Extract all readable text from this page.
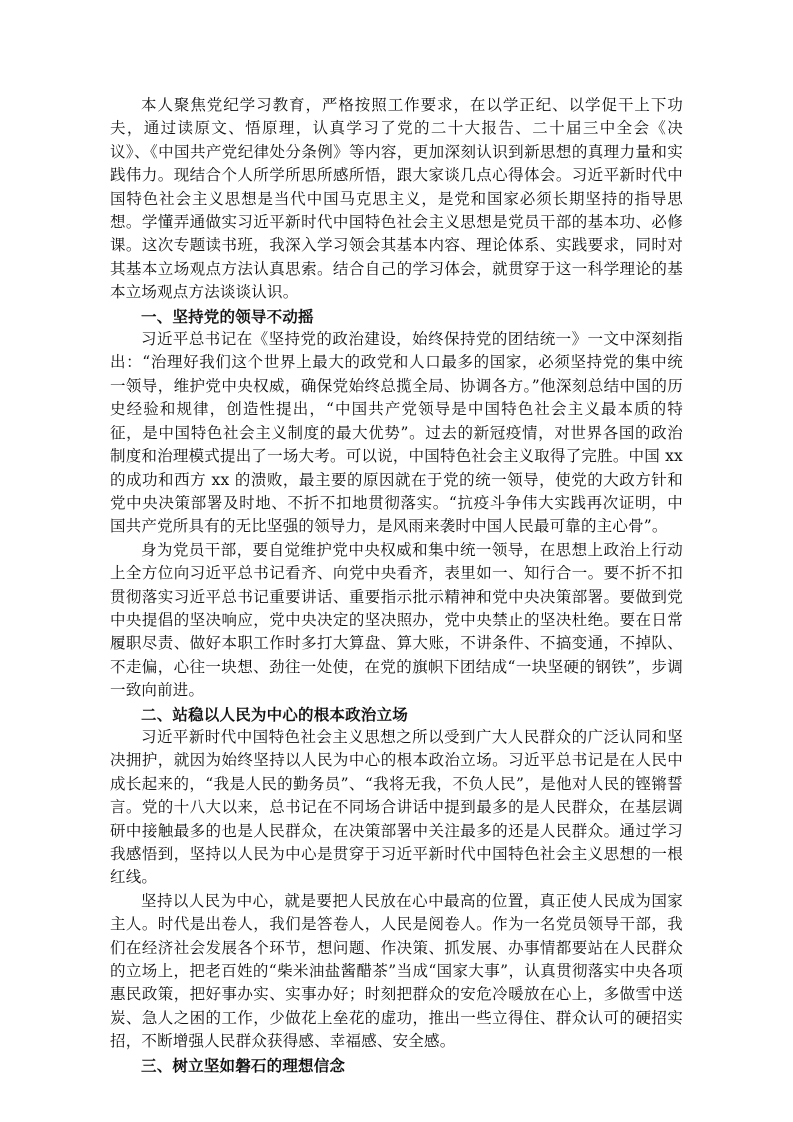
本人聚焦党纪学习教育，严格按照工作要求，在以学正纪、以学促干上下功夫，通过读原文、悟原理，认真学习了党的二十大报告、二十届三中全会《决议》、《中国共产党纪律处分条例》等内容，更加深刻认识到新思想的真理力量和实践伟力。现结合个人所学所思所感所悟，跟大家谈几点心得体会。习近平新时代中国特色社会主义思想是当代中国马克思主义，是党和国家必须长期坚持的指导思想。学懂弄通做实习近平新时代中国特色社会主义思想是党员干部的基本功、必修课。这次专题读书班，我深入学习领会其基本内容、理论体系、实践要求，同时对其基本立场观点方法认真思索。结合自己的学习体会，就贯穿于这一科学理论的基本立场观点方法谈谈认识。

一、坚持党的领导不动摇

习近平总书记在《坚持党的政治建设，始终保持党的团结统一》一文中深刻指出：“治理好我们这个世界上最大的政党和人口最多的国家，必须坚持党的集中统一领导，维护党中央权威，确保党始终总揽全局、协调各方。”他深刻总结中国的历史经验和规律，创造性提出，“中国共产党领导是中国特色社会主义最本质的特征，是中国特色社会主义制度的最大优势”。过去的新冠疫情，对世界各国的政治制度和治理模式提出了一场大考。可以说，中国特色社会主义取得了完胜。中国 xx 的成功和西方 xx 的溃败，最主要的原因就在于党的统一领导，使党的大政方针和党中央决策部署及时地、不折不扣地贯彻落实。“抗疫斗争伟大实践再次证明，中国共产党所具有的无比坚强的领导力，是风雨来袭时中国人民最可靠的主心骨”。

身为党员干部，要自觉维护党中央权威和集中统一领导，在思想上政治上行动上全方位向习近平总书记看齐、向党中央看齐，表里如一、知行合一。要不折不扣贯彻落实习近平总书记重要讲话、重要指示批示精神和党中央决策部署。要做到党中央提倡的坚决响应，党中央决定的坚决照办，党中央禁止的坚决杜绝。要在日常履职尽责、做好本职工作时多打大算盘、算大账，不讲条件、不搞变通，不掉队、不走偏，心往一块想、劲往一处使，在党的旗帜下团结成“一块坚硬的钢铁”，步调一致向前进。

二、站稳以人民为中心的根本政治立场

习近平新时代中国特色社会主义思想之所以受到广大人民群众的广泛认同和坚决拥护，就因为始终坚持以人民为中心的根本政治立场。习近平总书记是在人民中成长起来的，“我是人民的勤务员”、“我将无我，不负人民”，是他对人民的铿锵誓言。党的十八大以来，总书记在不同场合讲话中提到最多的是人民群众，在基层调研中接触最多的也是人民群众，在决策部署中关注最多的还是人民群众。通过学习我感悟到，坚持以人民为中心是贯穿于习近平新时代中国特色社会主义思想的一根红线。

坚持以人民为中心，就是要把人民放在心中最高的位置，真正使人民成为国家主人。时代是出卷人，我们是答卷人，人民是阅卷人。作为一名党员领导干部，我们在经济社会发展各个环节，想问题、作决策、抓发展、办事情都要站在人民群众的立场上，把老百姓的“柴米油盐酱醋茶”当成“国家大事”，认真贯彻落实中央各项惠民政策，把好事办实、实事办好；时刻把群众的安危冷暖放在心上，多做雪中送炭、急人之困的工作，少做花上垒花的虚功，推出一些立得住、群众认可的硬招实招，不断增强人民群众获得感、幸福感、安全感。

三、树立坚如磐石的理想信念
